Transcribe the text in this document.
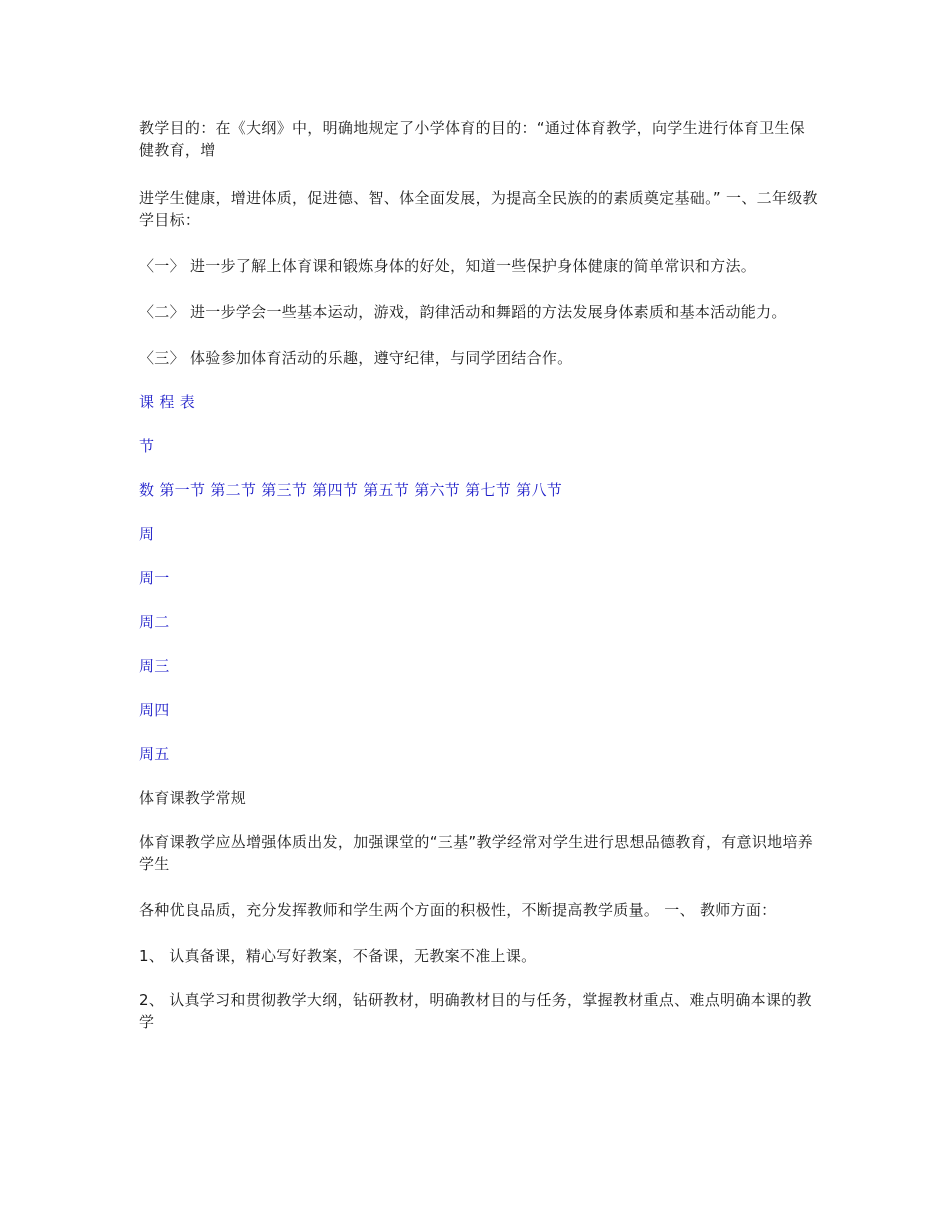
教学目的：在《大纲》中，明确地规定了小学体育的目的：“通过体育教学，向学生进行体育卫生保健教育，增

进学生健康，增进体质，促进德、智、体全面发展，为提高全民族的的素质奠定基础。” 一、二年级教学目标：

〈一〉 进一步了解上体育课和锻炼身体的好处，知道一些保护身体健康的简单常识和方法。

〈二〉 进一步学会一些基本运动，游戏，韵律活动和舞蹈的方法发展身体素质和基本活动能力。

〈三〉 体验参加体育活动的乐趣，遵守纪律，与同学团结合作。

课 程 表

节

数 第一节 第二节 第三节 第四节 第五节 第六节 第七节 第八节

周

周一

周二

周三

周四

周五

体育课教学常规

体育课教学应丛增强体质出发，加强课堂的“三基”教学经常对学生进行思想品德教育，有意识地培养学生

各种优良品质，充分发挥教师和学生两个方面的积极性，不断提高教学质量。 一、 教师方面：

1、 认真备课，精心写好教案，不备课，无教案不准上课。

2、 认真学习和贯彻教学大纲，钻研教材，明确教材目的与任务，掌握教材重点、难点明确本课的教学
